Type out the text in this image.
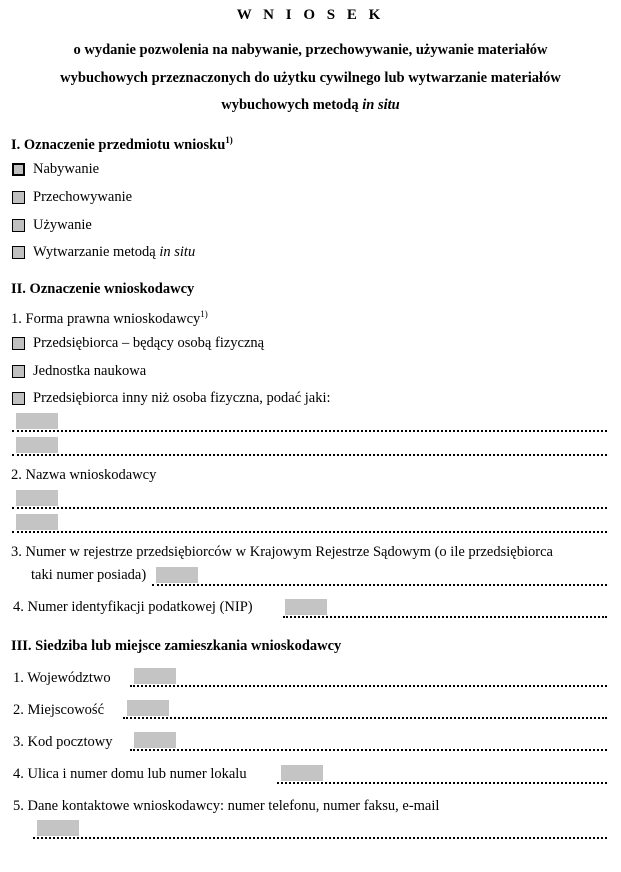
W N I O S E K
o wydanie pozwolenia na nabywanie, przechowywanie, używanie materiałów
wybuchowych przeznaczonych do użytku cywilnego lub wytwarzanie materiałów
wybuchowych metodą in situ
I. Oznaczenie przedmiotu wniosku$^{1)}$
Nabywanie
Przechowywanie
Używanie
Wytwarzanie metodą in situ
II. Oznaczenie wnioskodawcy
1. Forma prawna wnioskodawcy$^{1)}$
Przedsiębiorca – będący osobą fizyczną
Jednostka naukowa
Przedsiębiorca inny niż osoba fizyczna, podać jaki:
2. Nazwa wnioskodawcy
3. Numer w rejestrze przedsiębiorców w Krajowym Rejestrze Sądowym (o ile przedsiębiorca
taki numer posiada)
4. Numer identyfikacji podatkowej (NIP)
III. Siedziba lub miejsce zamieszkania wnioskodawcy
1. Województwo
2. Miejscowość
3. Kod pocztowy
4. Ulica i numer domu lub numer lokalu
5. Dane kontaktowe wnioskodawcy: numer telefonu, numer faksu, e-mail
